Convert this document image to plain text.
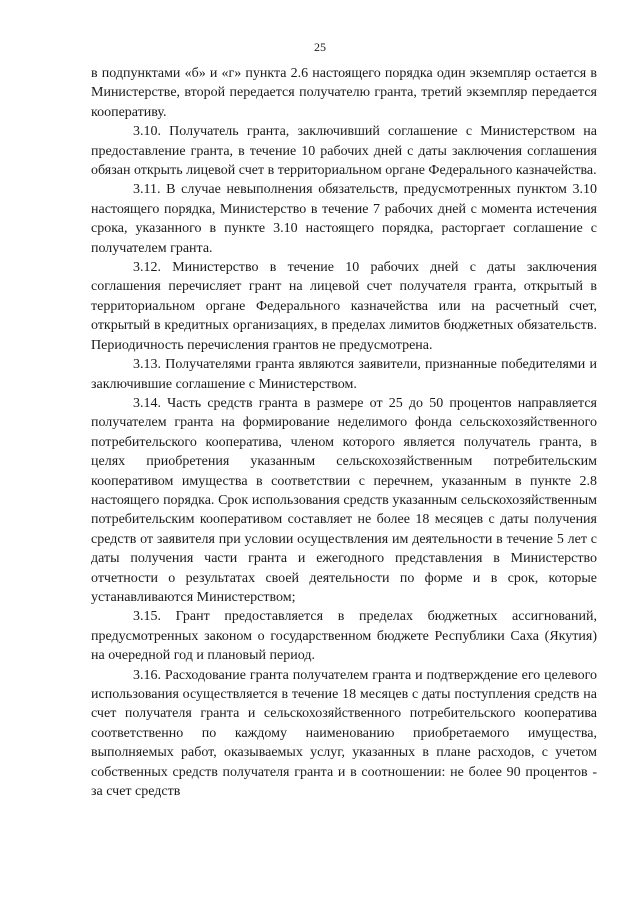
25

в подпунктами «б» и «г» пункта 2.6 настоящего порядка один экземпляр остается в Министерстве, второй передается получателю гранта, третий экземпляр передается кооперативу.

3.10. Получатель гранта, заключивший соглашение с Министерством на предоставление гранта, в течение 10 рабочих дней с даты заключения соглашения обязан открыть лицевой счет в территориальном органе Федерального казначейства.

3.11. В случае невыполнения обязательств, предусмотренных пунктом 3.10 настоящего порядка, Министерство в течение 7 рабочих дней с момента истечения срока, указанного в пункте 3.10 настоящего порядка, расторгает соглашение с получателем гранта.

3.12. Министерство в течение 10 рабочих дней с даты заключения соглашения перечисляет грант на лицевой счет получателя гранта, открытый в территориальном органе Федерального казначейства или на расчетный счет, открытый в кредитных организациях, в пределах лимитов бюджетных обязательств. Периодичность перечисления грантов не предусмотрена.

3.13. Получателями гранта являются заявители, признанные победителями и заключившие соглашение с Министерством.

3.14. Часть средств гранта в размере от 25 до 50 процентов направляется получателем гранта на формирование неделимого фонда сельскохозяйственного потребительского кооператива, членом которого является получатель гранта, в целях приобретения указанным сельскохозяйственным потребительским кооперативом имущества в соответствии с перечнем, указанным в пункте 2.8 настоящего порядка. Срок использования средств указанным сельскохозяйственным потребительским кооперативом составляет не более 18 месяцев с даты получения средств от заявителя при условии осуществления им деятельности в течение 5 лет с даты получения части гранта и ежегодного представления в Министерство отчетности о результатах своей деятельности по форме и в срок, которые устанавливаются Министерством;

3.15. Грант предоставляется в пределах бюджетных ассигнований, предусмотренных законом о государственном бюджете Республики Саха (Якутия) на очередной год и плановый период.

3.16. Расходование гранта получателем гранта и подтверждение его целевого использования осуществляется в течение 18 месяцев с даты поступления средств на счет получателя гранта и сельскохозяйственного потребительского кооператива соответственно по каждому наименованию приобретаемого имущества, выполняемых работ, оказываемых услуг, указанных в плане расходов, с учетом собственных средств получателя гранта и в соотношении: не более 90 процентов - за счет средств
